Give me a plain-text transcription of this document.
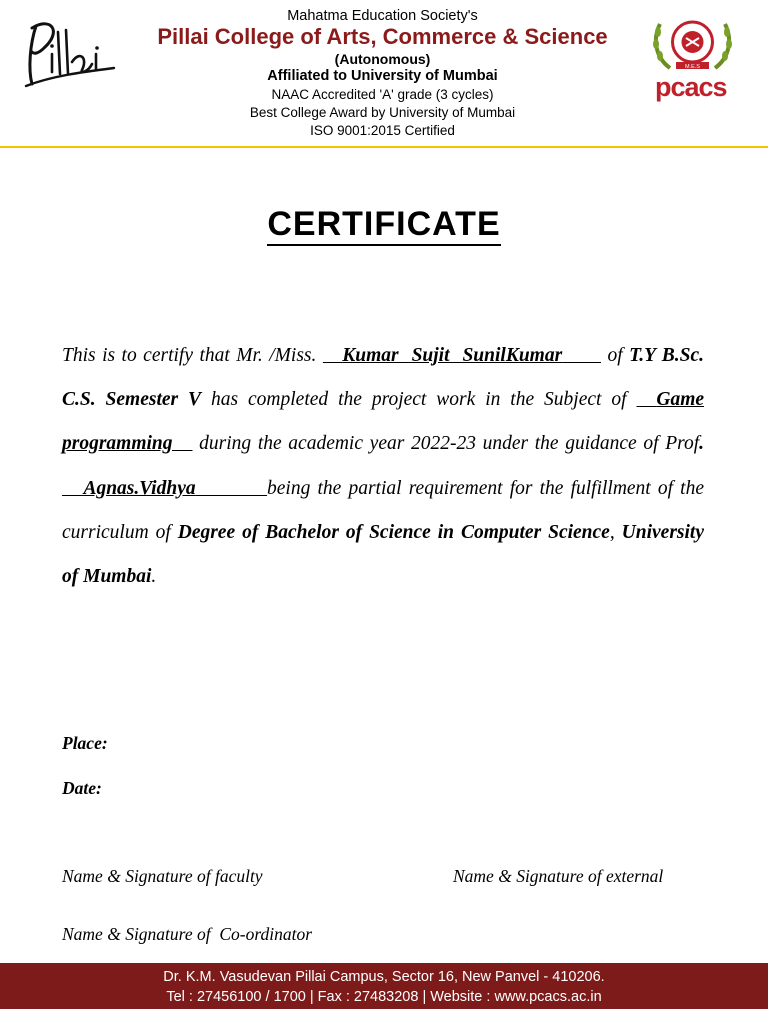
Mahatma Education Society's
Pillai College of Arts, Commerce & Science
(Autonomous)
Affiliated to University of Mumbai
NAAC Accredited 'A' grade (3 cycles)
Best College Award by University of Mumbai
ISO 9001:2015 Certified
M.E.S
pcacs
CERTIFICATE
This is to certify that Mr. /Miss. Kumar  Sujit  SunilKumar of T.Y B.Sc. C.S. Semester V has completed the project work in the Subject of Game programming during the academic year 2022-23 under the guidance of Prof.    Agnas.Vidhya	being the partial requirement for the fulfillment of the curriculum of Degree of Bachelor of Science in Computer Science, University of Mumbai.
Place:
Date:
Name & Signature of faculty	Name & Signature of external
Name & Signature of  Co-ordinator
Dr. K.M. Vasudevan Pillai Campus, Sector 16, New Panvel - 410206.
Tel : 27456100 / 1700 | Fax : 27483208 | Website : www.pcacs.ac.in
